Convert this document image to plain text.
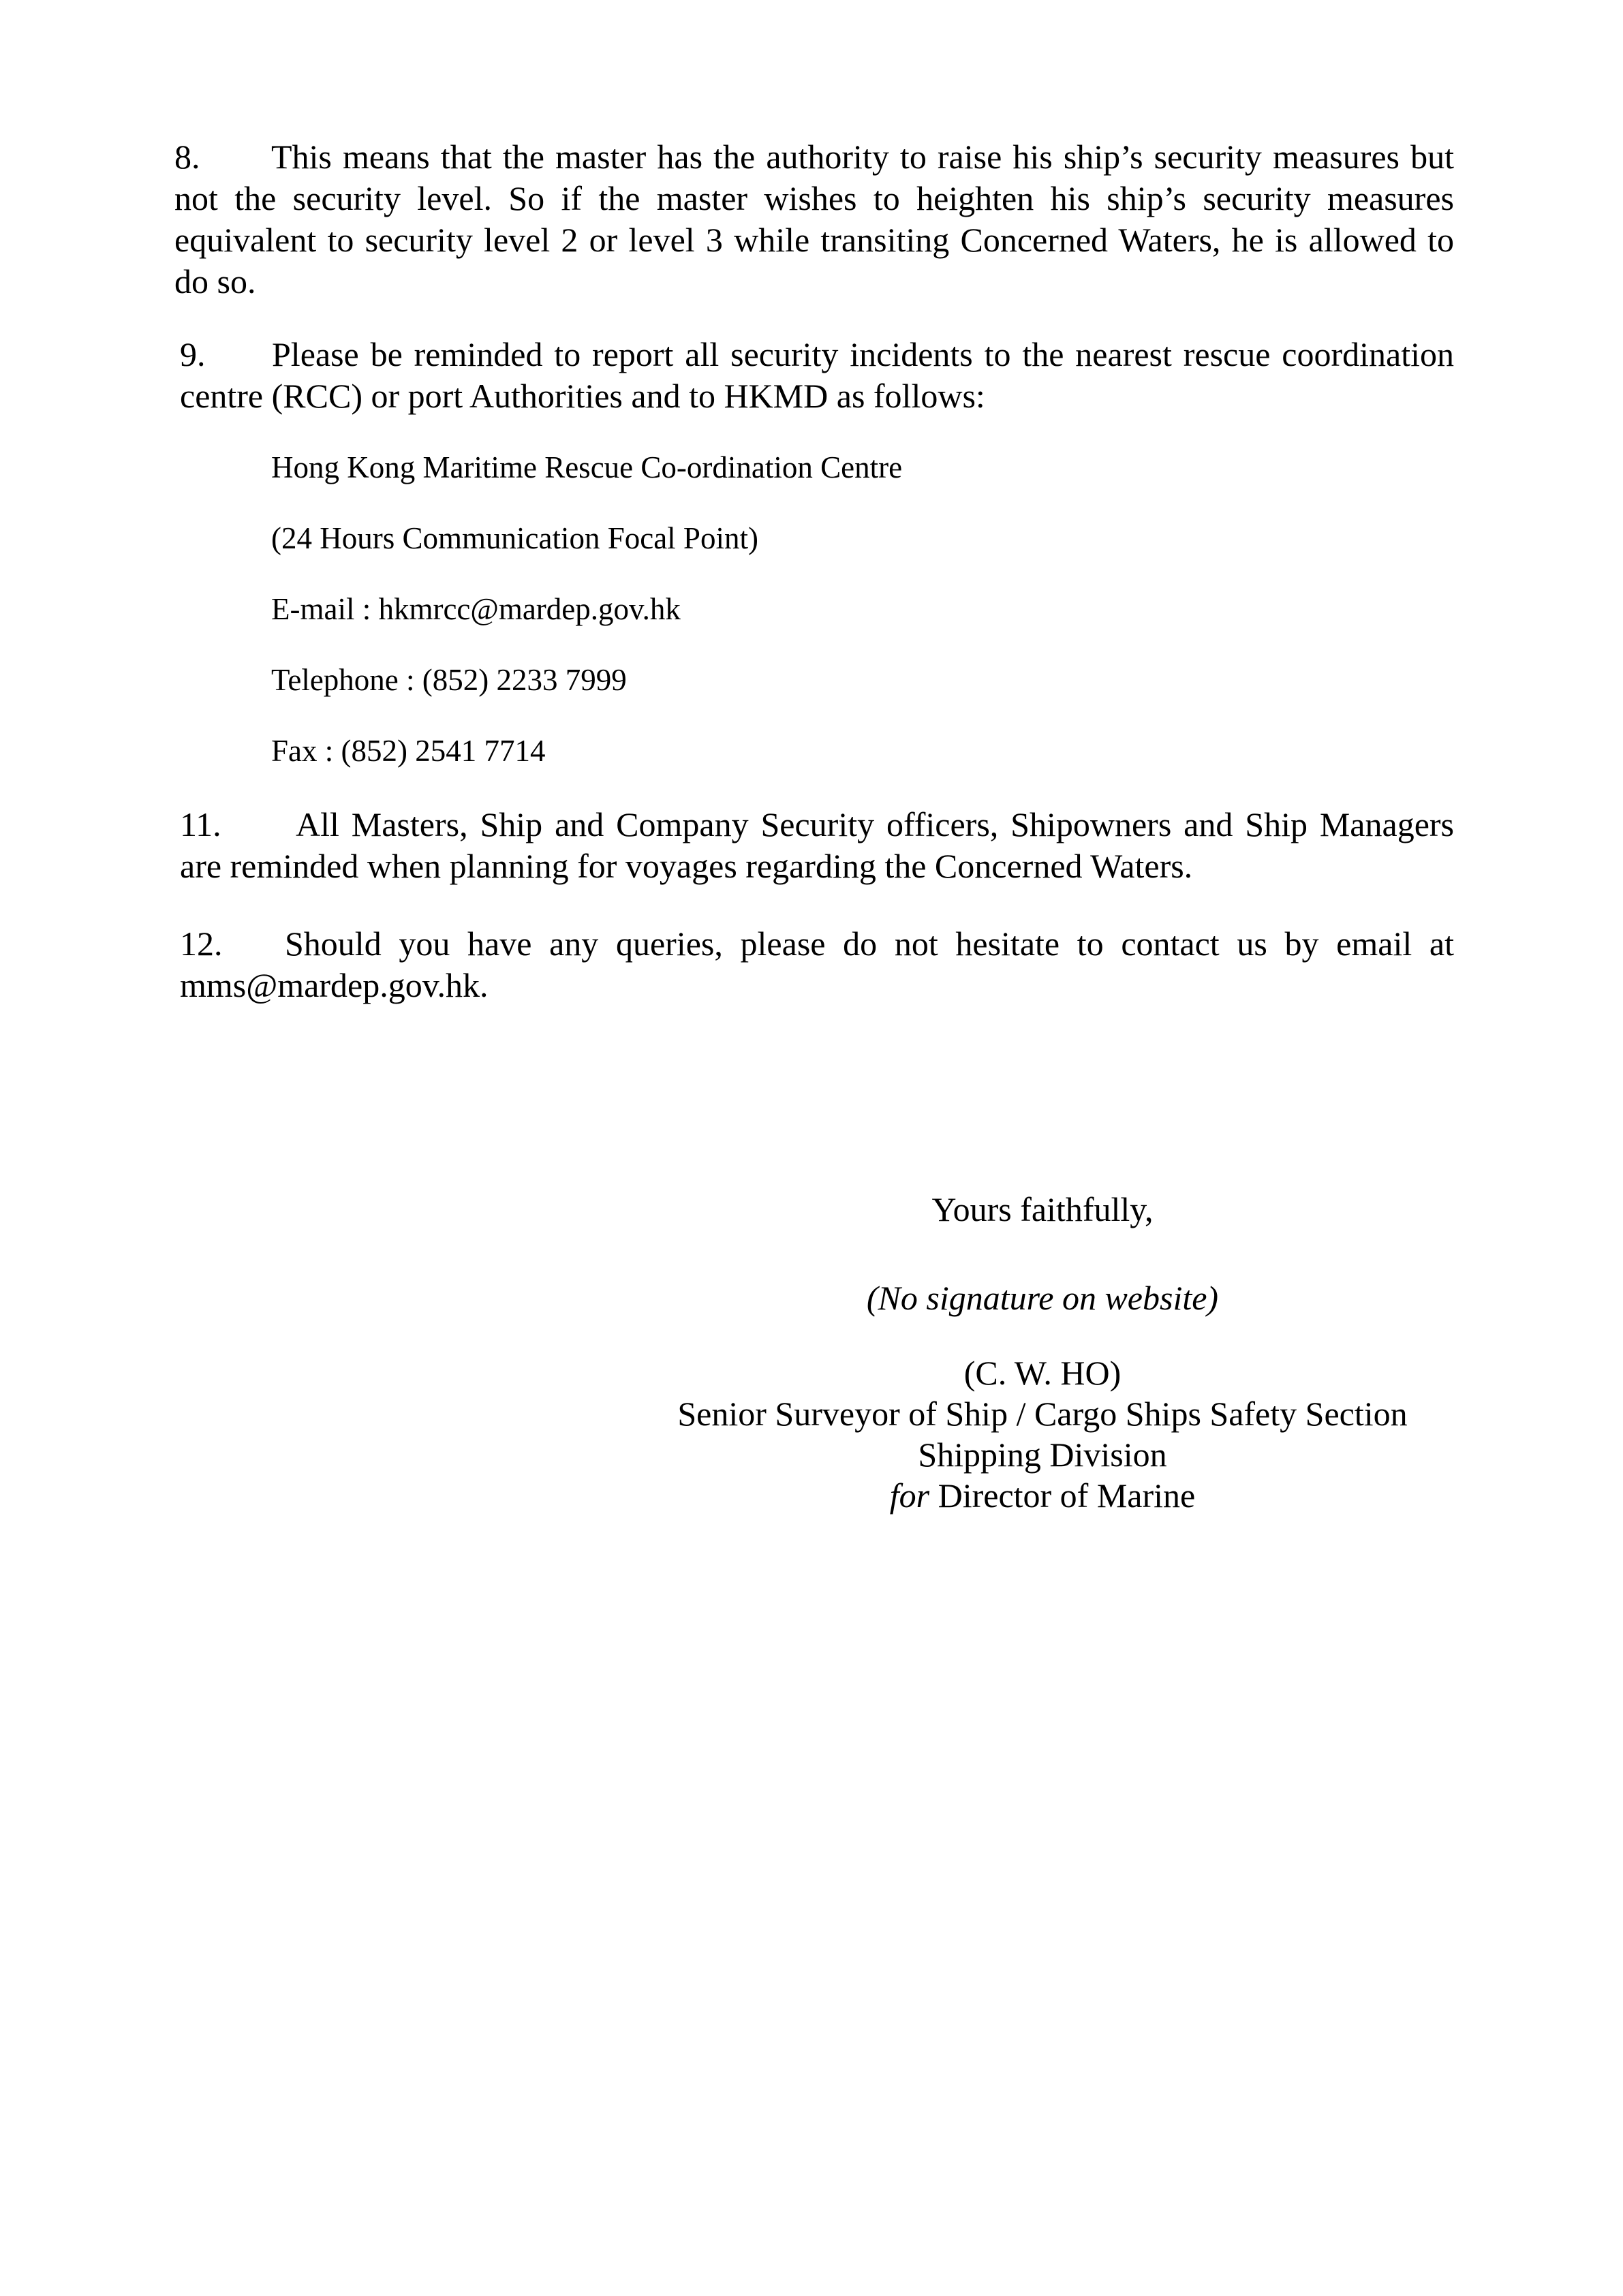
8. This means that the master has the authority to raise his ship’s security measures but not the security level. So if the master wishes to heighten his ship’s security measures equivalent to security level 2 or level 3 while transiting Concerned Waters, he is allowed to do so.

9. Please be reminded to report all security incidents to the nearest rescue coordination centre (RCC) or port Authorities and to HKMD as follows:

Hong Kong Maritime Rescue Co-ordination Centre

(24 Hours Communication Focal Point)

E-mail : hkmrcc@mardep.gov.hk

Telephone : (852) 2233 7999

Fax : (852) 2541 7714

11. All Masters, Ship and Company Security officers, Shipowners and Ship Managers are reminded when planning for voyages regarding the Concerned Waters.

12. Should you have any queries, please do not hesitate to contact us by email at mms@mardep.gov.hk.

Yours faithfully,

(No signature on website)

(C. W. HO)

Senior Surveyor of Ship / Cargo Ships Safety Section

Shipping Division

for Director of Marine
